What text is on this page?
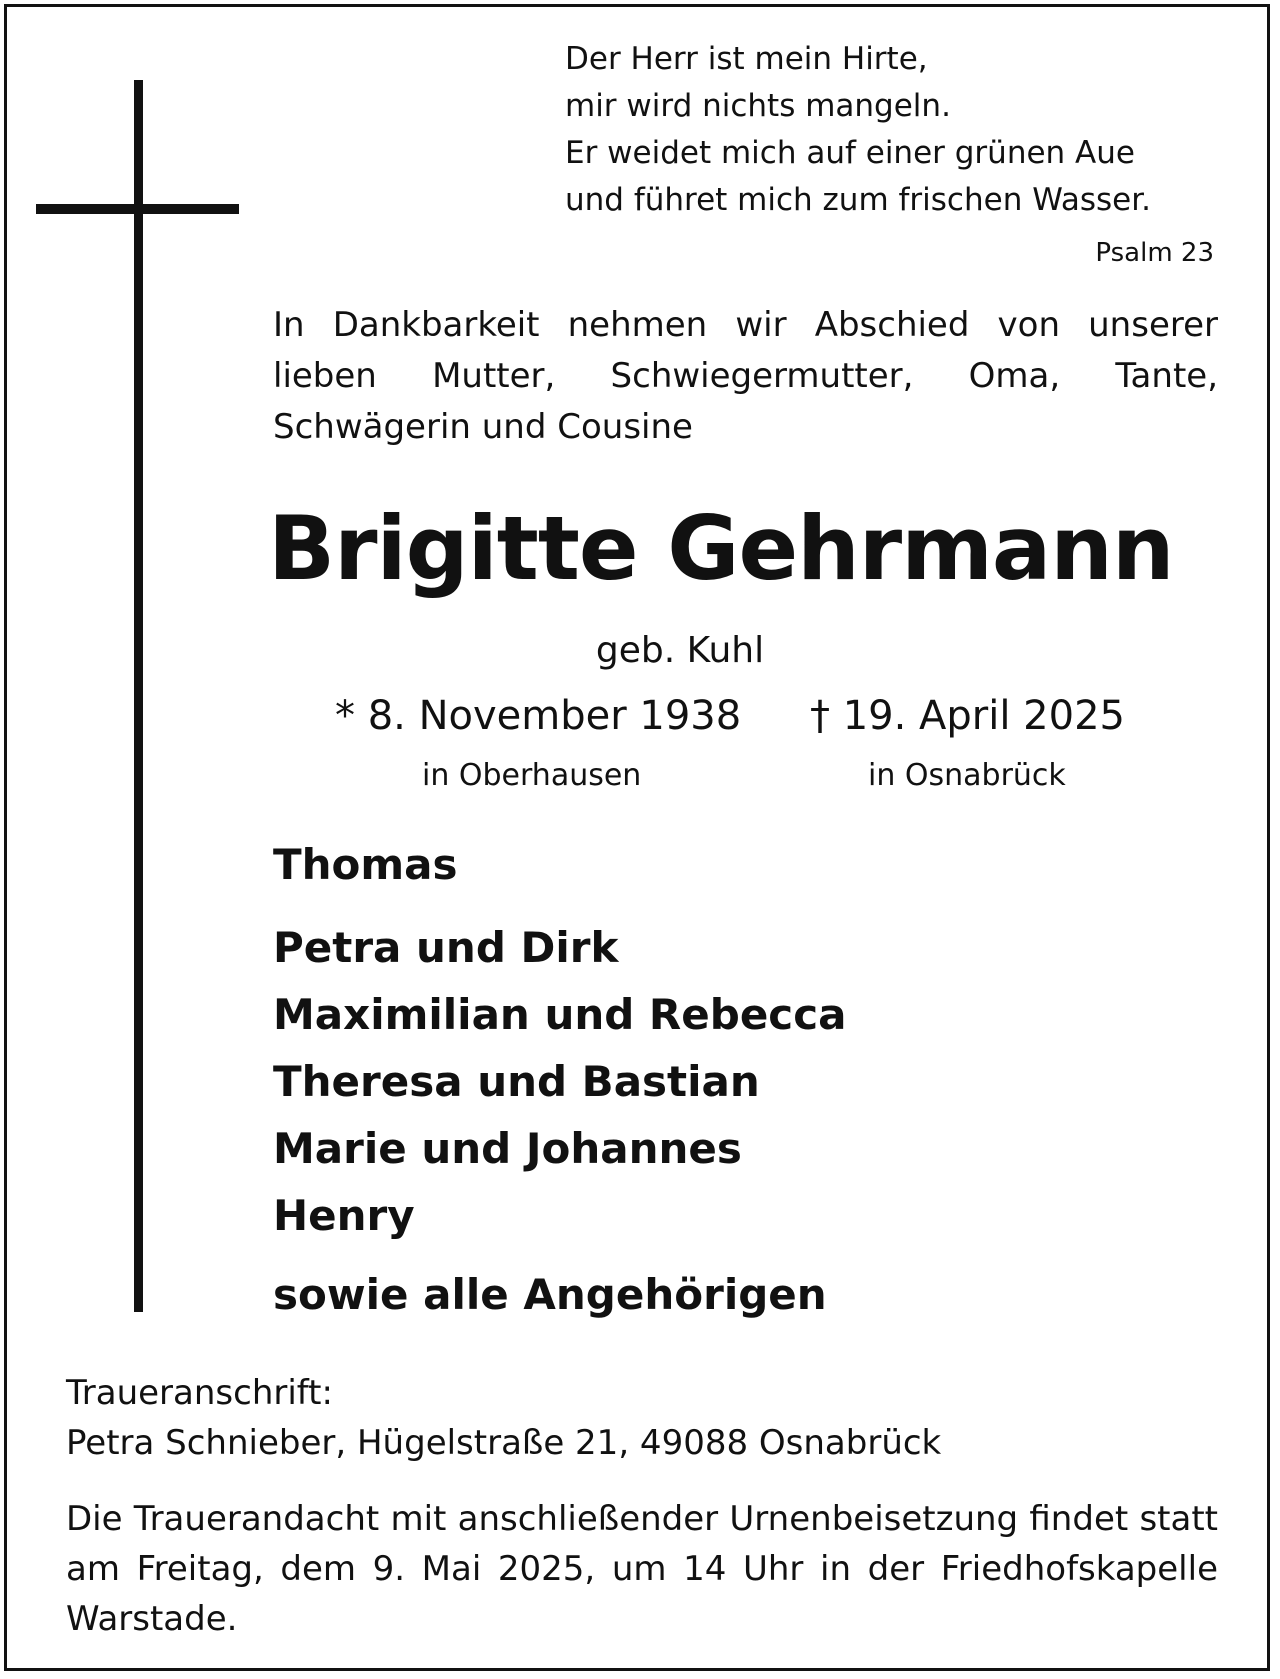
Der Herr ist mein Hirte,
mir wird nichts mangeln.
Er weidet mich auf einer grünen Aue
und führet mich zum frischen Wasser.
Psalm 23
In Dankbarkeit nehmen wir Abschied von unserer lieben Mutter, Schwiegermutter, Oma, Tante, Schwägerin und Cousine
Brigitte Gehrmann
geb. Kuhl
* 8. November 1938 † 19. April 2025
in Oberhausen	in Osnabrück
Thomas
Petra und Dirk
Maximilian und Rebecca
Theresa und Bastian
Marie und Johannes
Henry
sowie alle Angehörigen
Traueranschrift:
Petra Schnieber, Hügelstraße 21, 49088 Osnabrück
Die Trauerandacht mit anschließender Urnenbeisetzung findet statt am Freitag, dem 9. Mai 2025, um 14 Uhr in der Friedhofskapelle Warstade.
